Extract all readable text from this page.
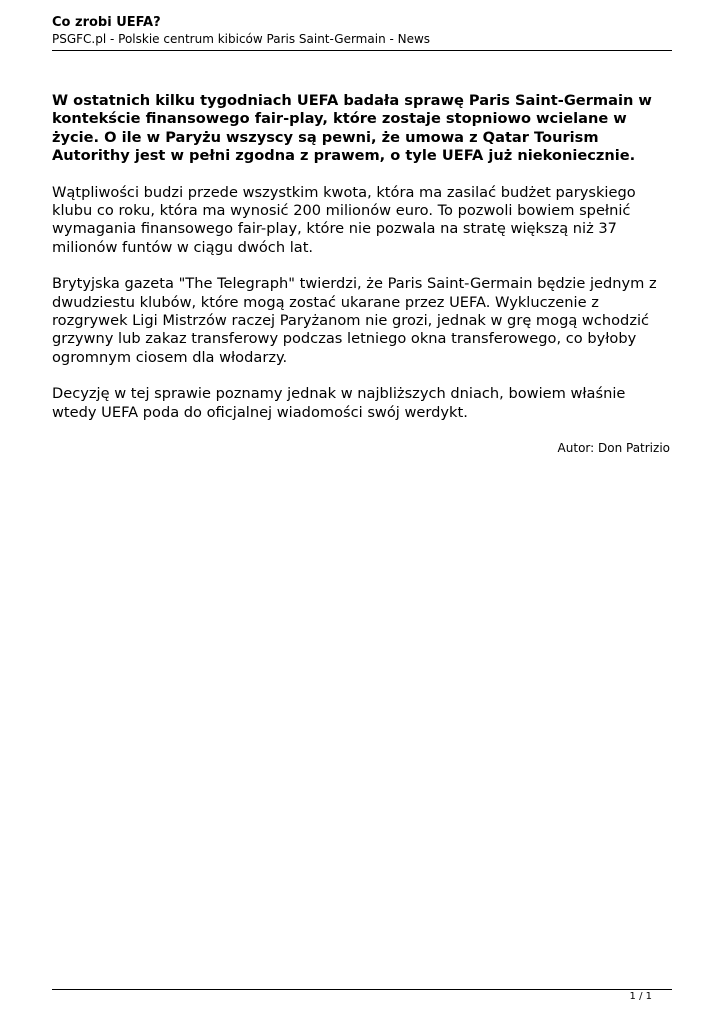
Co zrobi UEFA?
PSGFC.pl - Polskie centrum kibiców Paris Saint-Germain - News

W ostatnich kilku tygodniach UEFA badała sprawę Paris Saint-Germain w kontekście finansowego fair-play, które zostaje stopniowo wcielane w życie. O ile w Paryżu wszyscy są pewni, że umowa z Qatar Tourism Autorithy jest w pełni zgodna z prawem, o tyle UEFA już niekoniecznie.

Wątpliwości budzi przede wszystkim kwota, która ma zasilać budżet paryskiego klubu co roku, która ma wynosić 200 milionów euro. To pozwoli bowiem spełnić wymagania finansowego fair-play, które nie pozwala na stratę większą niż 37 milionów funtów w ciągu dwóch lat.

Brytyjska gazeta "The Telegraph" twierdzi, że Paris Saint-Germain będzie jednym z dwudziestu klubów, które mogą zostać ukarane przez UEFA. Wykluczenie z rozgrywek Ligi Mistrzów raczej Paryżanom nie grozi, jednak w grę mogą wchodzić grzywny lub zakaz transferowy podczas letniego okna transferowego, co byłoby ogromnym ciosem dla włodarzy.

Decyzję w tej sprawie poznamy jednak w najbliższych dniach, bowiem właśnie wtedy UEFA poda do oficjalnej wiadomości swój werdykt.

Autor: Don Patrizio
1 / 1
